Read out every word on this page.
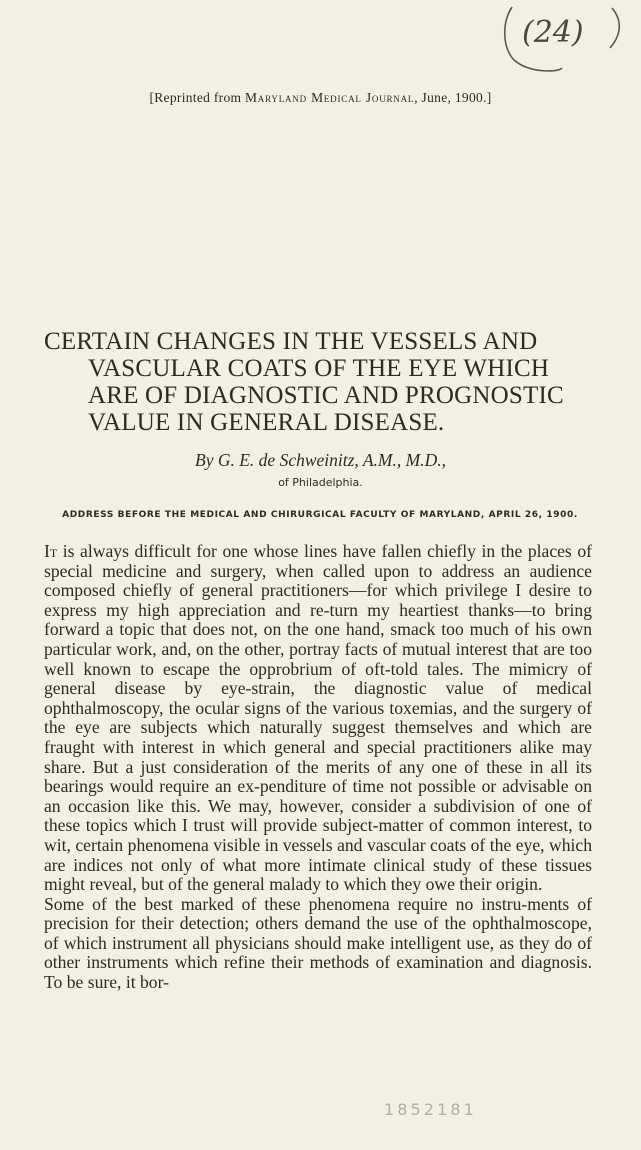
(24)
[Reprinted from Maryland Medical Journal, June, 1900.]
CERTAIN CHANGES IN THE VESSELS AND
VASCULAR COATS OF THE EYE WHICH
ARE OF DIAGNOSTIC AND PROGNOSTIC
VALUE IN GENERAL DISEASE.
By G. E. de Schweinitz, A.M., M.D.,
of Philadelphia.
ADDRESS BEFORE THE MEDICAL AND CHIRURGICAL FACULTY OF MARYLAND, APRIL 26, 1900.

It is always difficult for one whose lines have fallen chiefly in the places of special medicine and surgery, when called upon to address an audience composed chiefly of general practitioners—for which privilege I desire to express my high appreciation and re-turn my heartiest thanks—to bring forward a topic that does not, on the one hand, smack too much of his own particular work, and, on the other, portray facts of mutual interest that are too well known to escape the opprobrium of oft-told tales. The mimicry of general disease by eye-strain, the diagnostic value of medical ophthalmoscopy, the ocular signs of the various toxemias, and the surgery of the eye are subjects which naturally suggest themselves and which are fraught with interest in which general and special practitioners alike may share. But a just consideration of the merits of any one of these in all its bearings would require an ex-penditure of time not possible or advisable on an occasion like this. We may, however, consider a subdivision of one of these topics which I trust will provide subject-matter of common interest, to wit, certain phenomena visible in vessels and vascular coats of the eye, which are indices not only of what more intimate clinical study of these tissues might reveal, but of the general malady to which they owe their origin.

Some of the best marked of these phenomena require no instru-ments of precision for their detection; others demand the use of the ophthalmoscope, of which instrument all physicians should make intelligent use, as they do of other instruments which refine their methods of examination and diagnosis. To be sure, it bor-

1 8 5 2 1 8 1
